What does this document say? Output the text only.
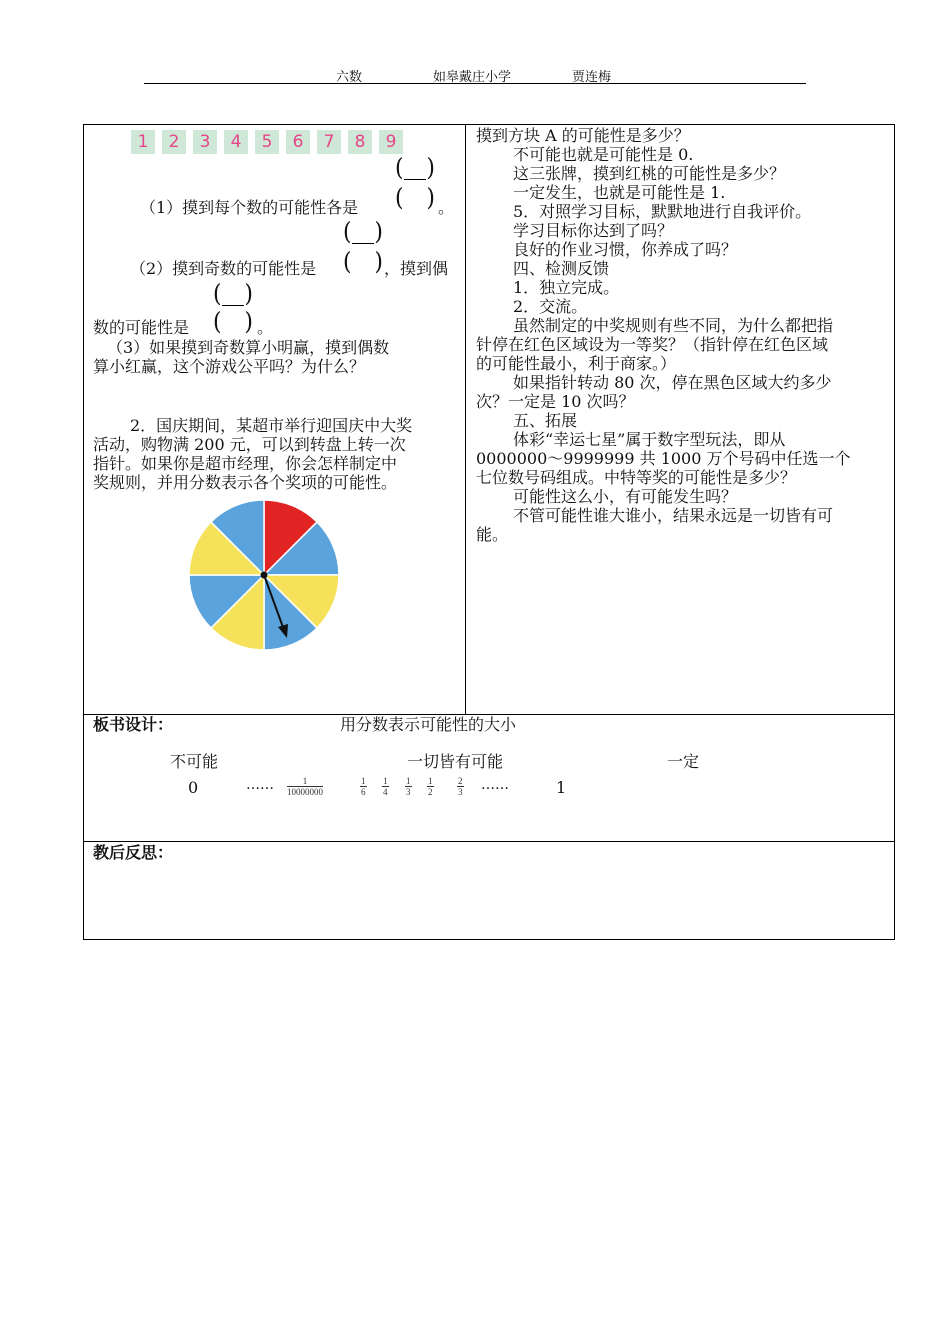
六数	如皋戴庄小学	贾连梅
1	2	3	4	5	6	7	8	9
( )
( )
（1）摸到每个数的可能性各是	。
( )
( )
（2）摸到奇数的可能性是	，摸到偶
( )
( )
数的可能性是	。
（3）如果摸到奇数算小明赢，摸到偶数
算小红赢，这个游戏公平吗？为什么？
2．国庆期间，某超市举行迎国庆中大奖
活动，购物满 200 元，可以到转盘上转一次
指针。如果你是超市经理，你会怎样制定中
奖规则，并用分数表示各个奖项的可能性。
摸到方块 A 的可能性是多少？
不可能也就是可能性是 0.
这三张牌，摸到红桃的可能性是多少？
一定发生，也就是可能性是 1.
5．对照学习目标，默默地进行自我评价。
学习目标你达到了吗？
良好的作业习惯，你养成了吗？
四、检测反馈
1．独立完成。
2．交流。
虽然制定的中奖规则有些不同，为什么都把指
针停在红色区域设为一等奖？（指针停在红色区域
的可能性最小，利于商家。）
如果指针转动 80 次，停在黑色区域大约多少
次？一定是 10 次吗？
五、拓展
体彩“幸运七星”属于数字型玩法，即从
0000000～9999999 共 1000 万个号码中任选一个
七位数号码组成。中特等奖的可能性是多少？
可能性这么小，有可能发生吗？
不管可能性谁大谁小，结果永远是一切皆有可
能。
板书设计：	用分数表示可能性的大小
不可能	一切皆有可能	一定
0	…… $\frac{1}{10000000}$	$\frac{1}{6} \frac{1}{4} \frac{1}{3} \frac{1}{2}$	$\frac{2}{3}$ ……	1
教后反思：
